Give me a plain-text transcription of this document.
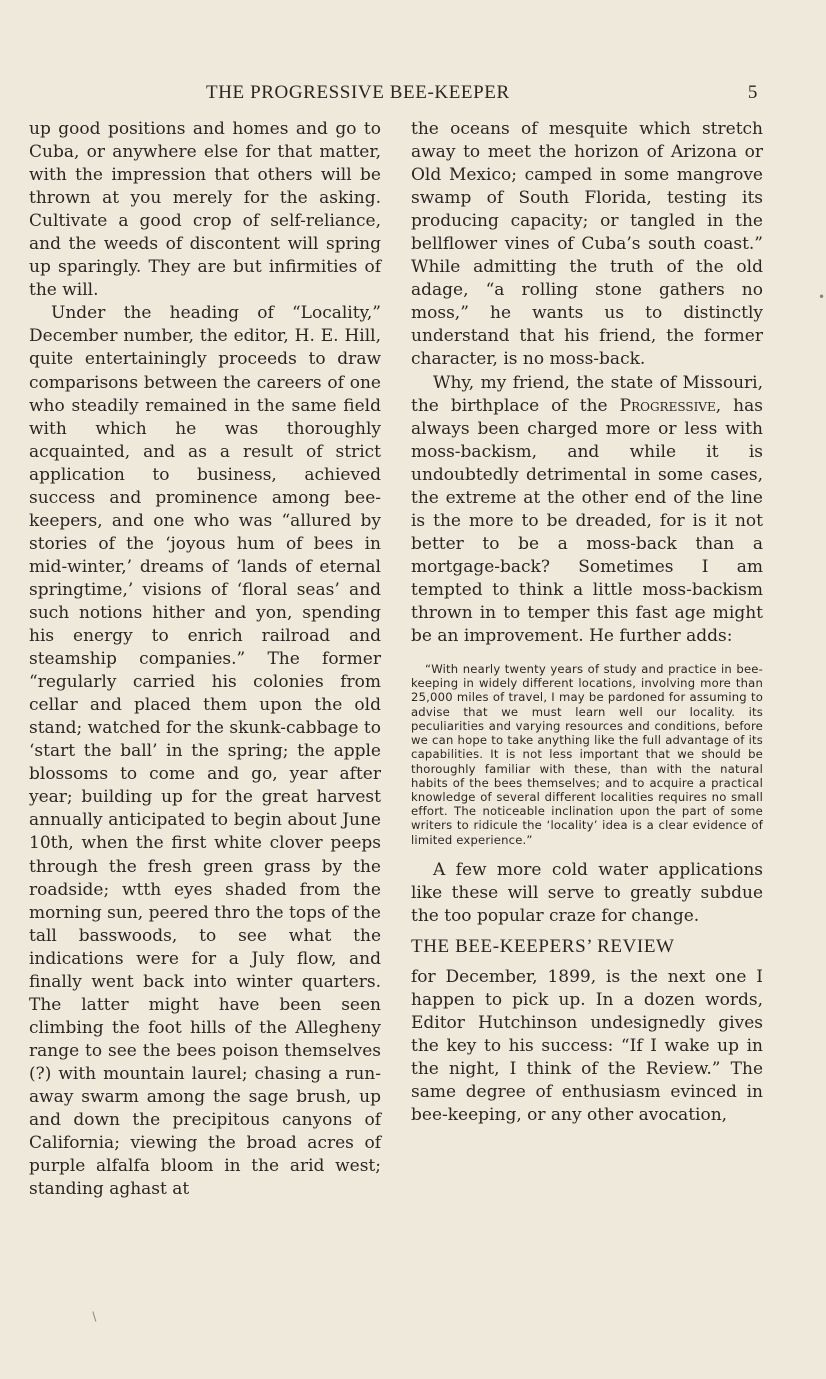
THE PROGRESSIVE BEE-KEEPER	5

up good positions and homes and go to Cuba, or anywhere else for that matter, with the impression that others will be thrown at you merely for the asking. Cultivate a good crop of self-reliance, and the weeds of discontent will spring up sparingly. They are but infirmities of the will.

Under the heading of “Locality,” December number, the editor, H. E. Hill, quite entertainingly proceeds to draw comparisons between the careers of one who steadily remained in the same field with which he was thoroughly acquainted, and as a result of strict application to business, achieved success and prominence among bee-keepers, and one who was “allured by stories of the ‘joyous hum of bees in mid-winter,’ dreams of ‘lands of eternal springtime,’ visions of ‘floral seas’ and such notions hither and yon, spending his energy to enrich railroad and steamship companies.” The former “regularly carried his colonies from cellar and placed them upon the old stand; watched for the skunk-cabbage to ‘start the ball’ in the spring; the apple blossoms to come and go, year after year; building up for the great harvest annually anticipated to begin about June 10th, when the first white clover peeps through the fresh green grass by the roadside; wtth eyes shaded from the morning sun, peered thro the tops of the tall basswoods, to see what the indications were for a July flow, and finally went back into winter quarters. The latter might have been seen climbing the foot hills of the Allegheny range to see the bees poison themselves (?) with mountain laurel; chasing a run-away swarm among the sage brush, up and down the precipitous canyons of California; viewing the broad acres of purple alfalfa bloom in the arid west; standing aghast at

the oceans of mesquite which stretch away to meet the horizon of Arizona or Old Mexico; camped in some mangrove swamp of South Florida, testing its producing capacity; or tangled in the bellflower vines of Cuba’s south coast.” While admitting the truth of the old adage, “a rolling stone gathers no moss,” he wants us to distinctly understand that his friend, the former character, is no moss-back.

Why, my friend, the state of Missouri, the birthplace of the Progressive, has always been charged more or less with moss-backism, and while it is undoubtedly detrimental in some cases, the extreme at the other end of the line is the more to be dreaded, for is it not better to be a moss-back than a mortgage-back? Sometimes I am tempted to think a little moss-backism thrown in to temper this fast age might be an improvement. He further adds:

“With nearly twenty years of study and practice in bee-keeping in widely different locations, involving more than 25,000 miles of travel, I may be pardoned for assuming to advise that we must learn well our locality. its peculiarities and varying resources and conditions, before we can hope to take anything like the full advantage of its capabilities. It is not less important that we should be thoroughly familiar with these, than with the natural habits of the bees themselves; and to acquire a practical knowledge of several different localities requires no small effort. The noticeable inclination upon the part of some writers to ridicule the ‘locality’ idea is a clear evidence of limited experience.”

A few more cold water applications like these will serve to greatly subdue the too popular craze for change.

THE BEE-KEEPERS’ REVIEW

for December, 1899, is the next one I happen to pick up. In a dozen words, Editor Hutchinson undesignedly gives the key to his success: “If I wake up in the night, I think of the Review.” The same degree of enthusiasm evinced in bee-keeping, or any other avocation,

•
∖
